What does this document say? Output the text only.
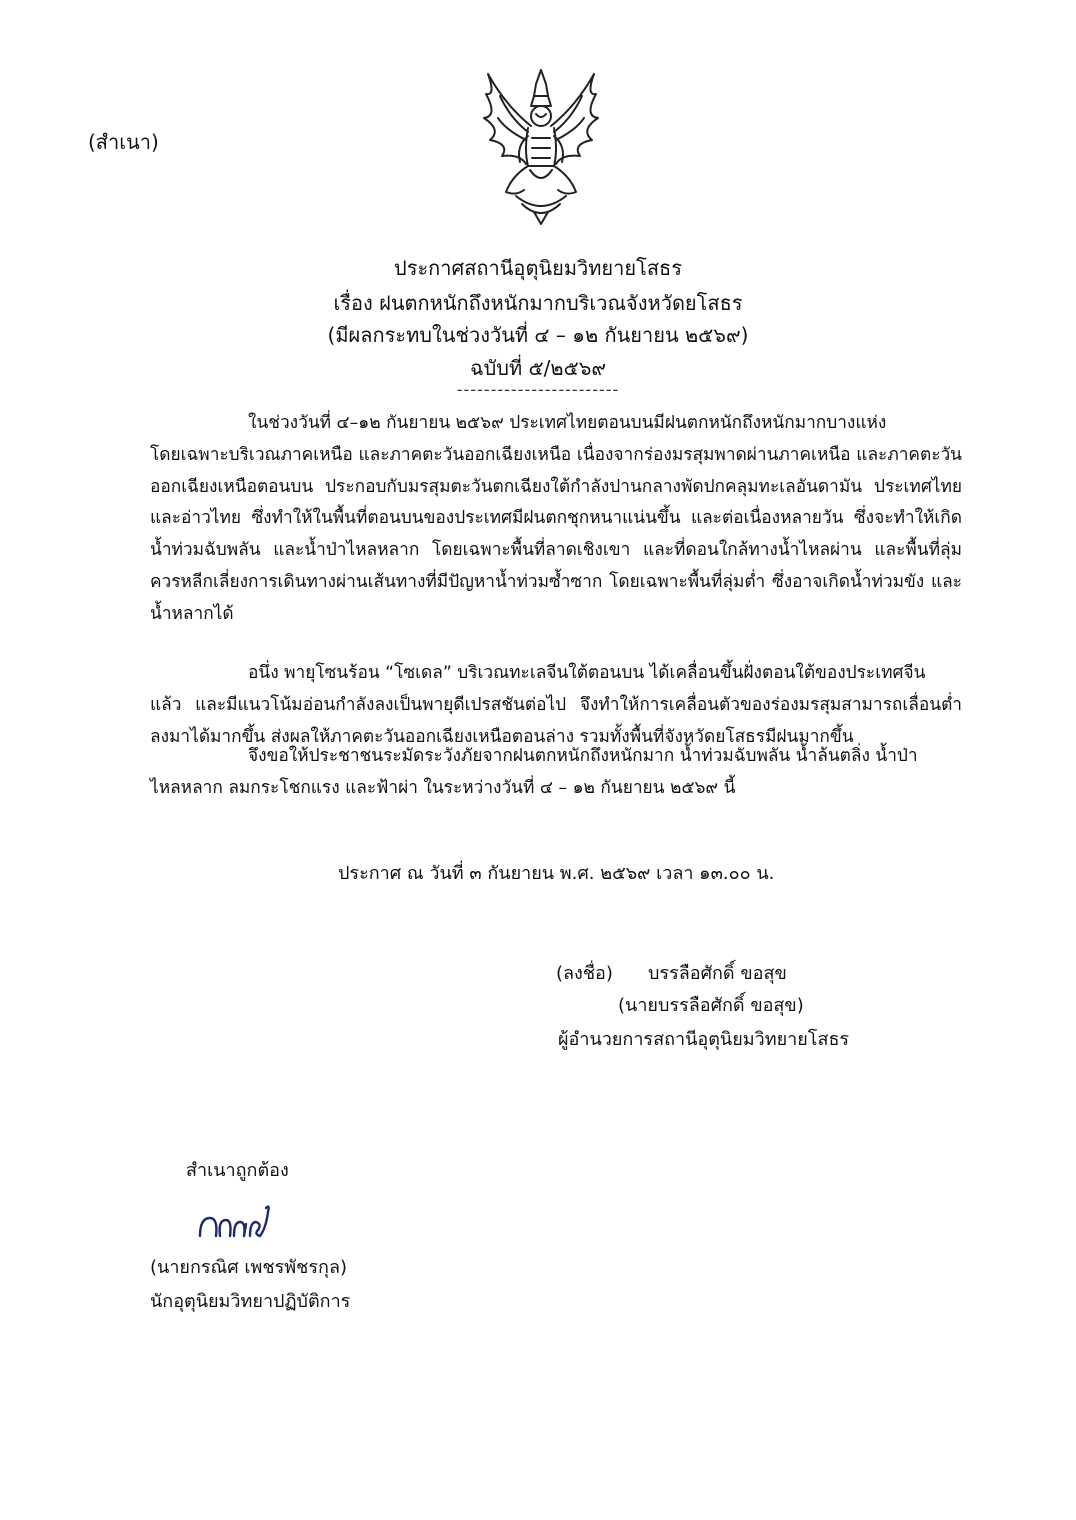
(สำเนา)
ประกาศสถานีอุตุนิยมวิทยายโสธร
เรื่อง ฝนตกหนักถึงหนักมากบริเวณจังหวัดยโสธร
(มีผลกระทบในช่วงวันที่ ๔ – ๑๒ กันยายน ๒๕๖๙)
ฉบับที่ ๕/๒๕๖๙
------------------------
ในช่วงวันที่ ๔–๑๒ กันยายน ๒๕๖๙ ประเทศไทยตอนบนมีฝนตกหนักถึงหนักมากบางแห่ง
โดยเฉพาะบริเวณภาคเหนือ และภาคตะวันออกเฉียงเหนือ เนื่องจากร่องมรสุมพาดผ่านภาคเหนือ และภาคตะวันออกเฉียงเหนือตอนบน ประกอบกับมรสุมตะวันตกเฉียงใต้กำลังปานกลางพัดปกคลุมทะเลอันดามัน ประเทศไทย และอ่าวไทย ซึ่งทำให้ในพื้นที่ตอนบนของประเทศมีฝนตกชุกหนาแน่นขึ้น และต่อเนื่องหลายวัน ซึ่งจะทำให้เกิดน้ำท่วมฉับพลัน และน้ำป่าไหลหลาก โดยเฉพาะพื้นที่ลาดเชิงเขา และที่ดอนใกล้ทางน้ำไหลผ่าน และพื้นที่ลุ่ม ควรหลีกเลี่ยงการเดินทางผ่านเส้นทางที่มีปัญหาน้ำท่วมซ้ำซาก โดยเฉพาะพื้นที่ลุ่มต่ำ ซึ่งอาจเกิดน้ำท่วมขัง และน้ำหลากได้
อนึ่ง พายุโซนร้อน “โซเดล” บริเวณทะเลจีนใต้ตอนบน ได้เคลื่อนขึ้นฝั่งตอนใต้ของประเทศจีน
แล้ว และมีแนวโน้มอ่อนกำลังลงเป็นพายุดีเปรสชันต่อไป จึงทำให้การเคลื่อนตัวของร่องมรสุมสามารถเลื่อนต่ำลงมาได้มากขึ้น ส่งผลให้ภาคตะวันออกเฉียงเหนือตอนล่าง รวมทั้งพื้นที่จังหวัดยโสธรมีฝนมากขึ้น
จึงขอให้ประชาชนระมัดระวังภัยจากฝนตกหนักถึงหนักมาก น้ำท่วมฉับพลัน น้ำล้นตลิ่ง น้ำป่า
ไหลหลาก ลมกระโชกแรง และฟ้าผ่า ในระหว่างวันที่ ๔ – ๑๒ กันยายน ๒๕๖๙ นี้
ประกาศ ณ วันที่ ๓ กันยายน พ.ศ. ๒๕๖๙ เวลา ๑๓.๐๐ น.
(ลงชื่อ) บรรลือศักดิ์ ขอสุข
(นายบรรลือศักดิ์ ขอสุข)
ผู้อำนวยการสถานีอุตุนิยมวิทยายโสธร
สำเนาถูกต้อง
(นายกรณิศ เพชรพัชรกุล)
นักอุตุนิยมวิทยาปฏิบัติการ
